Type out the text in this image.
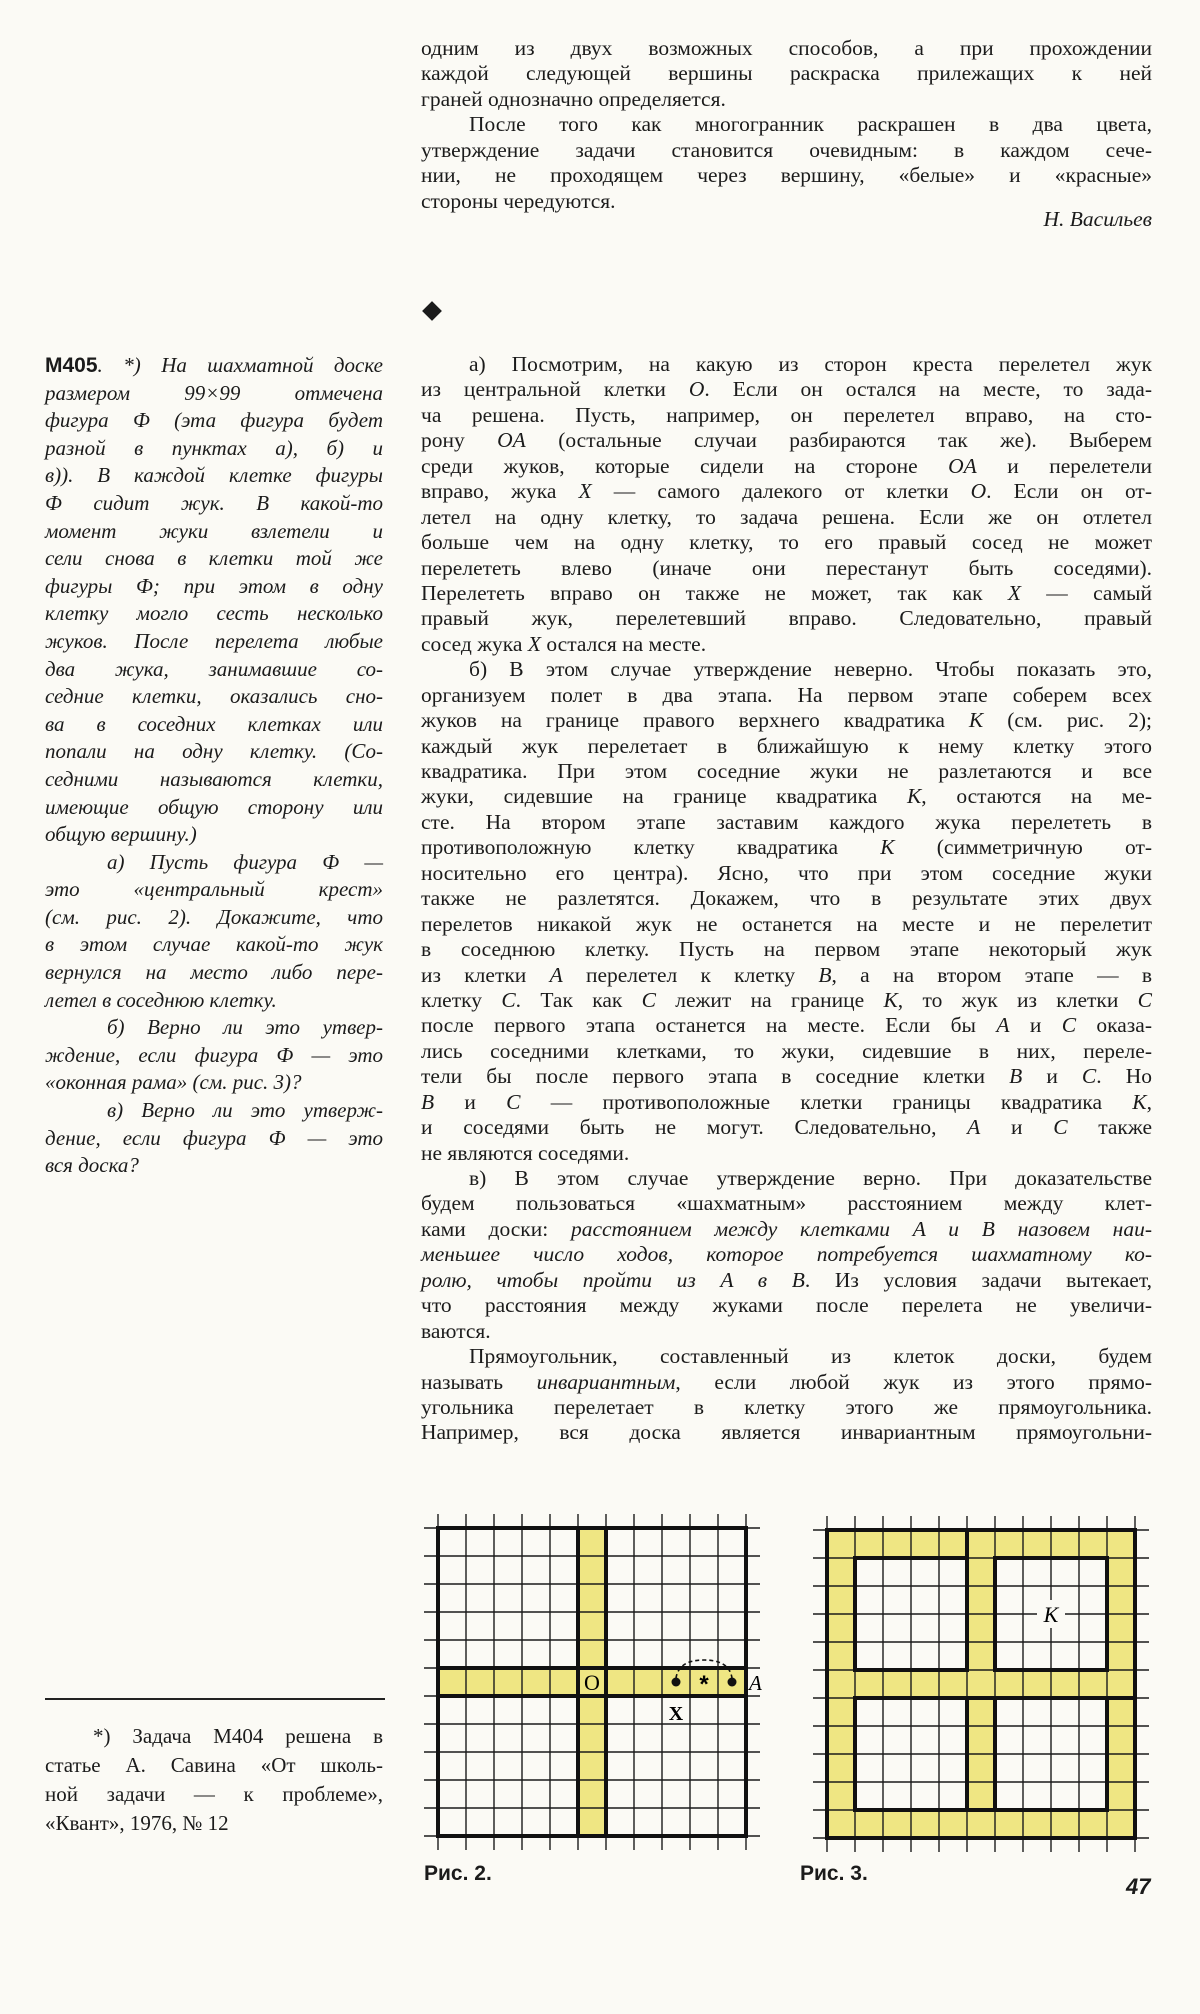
одним из двух возможных способов, а при прохождении
каждой следующей вершины раскраска прилежащих к ней
граней однозначно определяется.
После того как многогранник раскрашен в два цвета,
утверждение задачи становится очевидным: в каждом сече-
нии, не проходящем через вершину, «белые» и «красные»
стороны чередуются.
Н. Васильев
M405. *) На шахматной доске
размером 99×99 отмечена
фигура Ф (эта фигура будет
разной в пунктах а), б) и
в)). В каждой клетке фигуры
Ф сидит жук. В какой-то
момент жуки взлетели и
сели снова в клетки той же
фигуры Ф; при этом в одну
клетку могло сесть несколько
жуков. После перелета любые
два жука, занимавшие со-
седние клетки, оказались сно-
ва в соседних клетках или
попали на одну клетку. (Со-
седними называются клетки,
имеющие общую сторону или
общую вершину.)
а) Пусть фигура Ф —
это «центральный крест»
(см. рис. 2). Докажите, что
в этом случае какой-то жук
вернулся на место либо пере-
летел в соседнюю клетку.
б) Верно ли это утвер-
ждение, если фигура Ф — это
«оконная рама» (см. рис. 3)?
в) Верно ли это утверж-
дение, если фигура Ф — это
вся доска?
а) Посмотрим, на какую из сторон креста перелетел жук
из центральной клетки O. Если он остался на месте, то зада-
ча решена. Пусть, например, он перелетел вправо, на сто-
рону OA (остальные случаи разбираются так же). Выберем
среди жуков, которые сидели на стороне OA и перелетели
вправо, жука X — самого далекого от клетки O. Если он от-
летел на одну клетку, то задача решена. Если же он отлетел
больше чем на одну клетку, то его правый сосед не может
перелететь влево (иначе они перестанут быть соседями).
Перелететь вправо он также не может, так как X — самый
правый жук, перелетевший вправо. Следовательно, правый
сосед жука X остался на месте.
б) В этом случае утверждение неверно. Чтобы показать это,
организуем полет в два этапа. На первом этапе соберем всех
жуков на границе правого верхнего квадратика K (см. рис. 2);
каждый жук перелетает в ближайшую к нему клетку этого
квадратика. При этом соседние жуки не разлетаются и все
жуки, сидевшие на границе квадратика K, остаются на ме-
сте. На втором этапе заставим каждого жука перелететь в
противоположную клетку квадратика K (симметричную от-
носительно его центра). Ясно, что при этом соседние жуки
также не разлетятся. Докажем, что в результате этих двух
перелетов никакой жук не останется на месте и не перелетит
в соседнюю клетку. Пусть на первом этапе некоторый жук
из клетки A перелетел к клетку B, а на втором этапе — в
клетку C. Так как C лежит на границе K, то жук из клетки C
после первого этапа останется на месте. Если бы A и C оказа-
лись соседними клетками, то жуки, сидевшие в них, переле-
тели бы после первого этапа в соседние клетки B и C. Но
B и C — противоположные клетки границы квадратика K,
и соседями быть не могут. Следовательно, A и C также
не являются соседями.
в) В этом случае утверждение верно. При доказательстве
будем пользоваться «шахматным» расстоянием между клет-
ками доски: расстоянием между клетками A и B назовем наи-
меньшее число ходов, которое потребуется шахматному ко-
ролю, чтобы пройти из A в B. Из условия задачи вытекает,
что расстояния между жуками после перелета не увеличи-
ваются.
Прямоугольник, составленный из клеток доски, будем
называть инвариантным, если любой жук из этого прямо-
угольника перелетает в клетку этого же прямоугольника.
Например, вся доска является инвариантным прямоугольни-
*) Задача M404 решена в
статье А. Савина «От школь-
ной задачи — к проблеме»,
«Квант», 1976, № 12
O	*
X
A
Рис. 2.
K
Рис. 3.
47
